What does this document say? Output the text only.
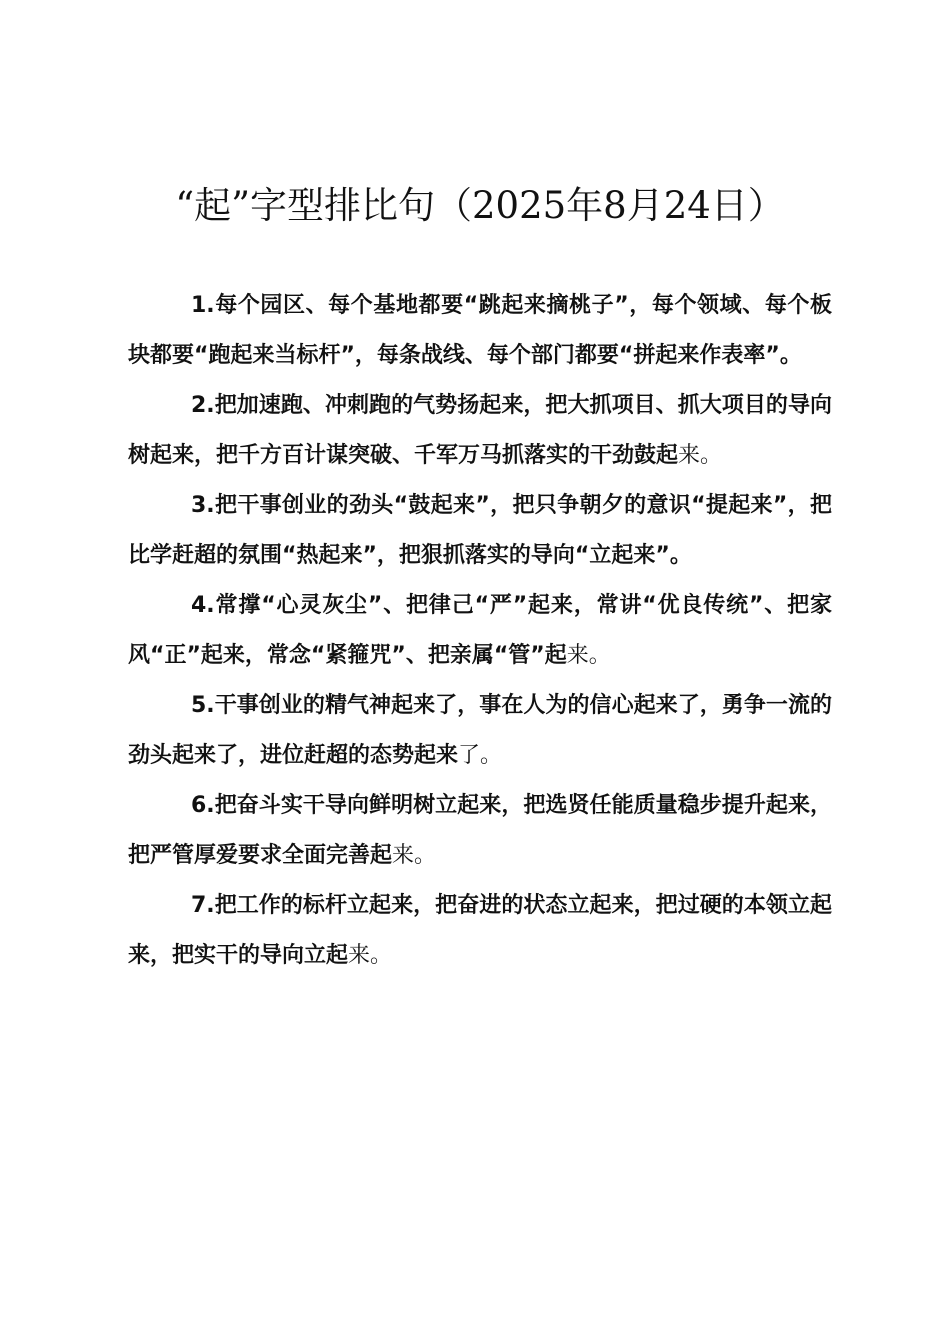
“起”字型排比句（2025年8月24日）

1.每个园区、每个基地都要“跳起来摘桃子”，每个领域、每个板块都要“跑起来当标杆”，每条战线、每个部门都要“拼起来作表率”。

2.把加速跑、冲刺跑的气势扬起来，把大抓项目、抓大项目的导向树起来，把千方百计谋突破、千军万马抓落实的干劲鼓起来。

3.把干事创业的劲头“鼓起来”，把只争朝夕的意识“提起来”，把比学赶超的氛围“热起来”，把狠抓落实的导向“立起来”。

4.常撑“心灵灰尘”、把律己“严”起来，常讲“优良传统”、把家风“正”起来，常念“紧箍咒”、把亲属“管”起来。

5.干事创业的精气神起来了，事在人为的信心起来了，勇争一流的劲头起来了，进位赶超的态势起来了。

6.把奋斗实干导向鲜明树立起来，把选贤任能质量稳步提升起来，把严管厚爱要求全面完善起来。

7.把工作的标杆立起来，把奋进的状态立起来，把过硬的本领立起来，把实干的导向立起来。
